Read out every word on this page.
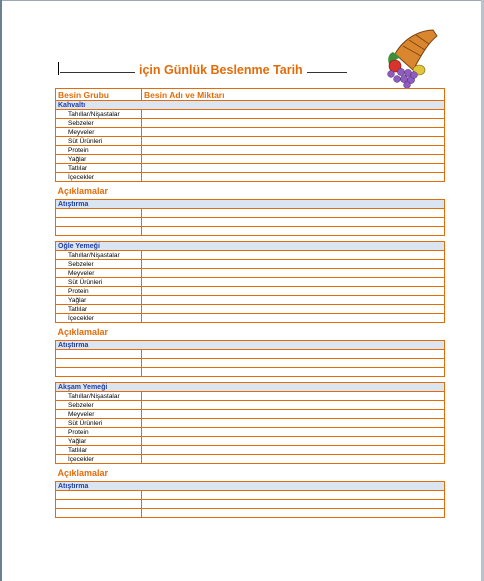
için Günlük Beslenme Tarih
Besin Grubu	Besin Adı ve Miktarı
Kahvaltı	
Tahıllar/Nişastalar	
Sebzeler	
Meyveler	
Süt Ürünleri	
Protein	
Yağlar	
Tatlılar	
İçecekler	
Açıklamalar	
Atıştırma	

Öğle Yemeği	
Tahıllar/Nişastalar	
Sebzeler	
Meyveler	
Süt Ürünleri	
Protein	
Yağlar	
Tatlılar	
İçecekler	
Açıklamalar	
Atıştırma	

Akşam Yemeği	
Tahıllar/Nişastalar	
Sebzeler	
Meyveler	
Süt Ürünleri	
Protein	
Yağlar	
Tatlılar	
İçecekler	
Açıklamalar	
Atıştırma	
